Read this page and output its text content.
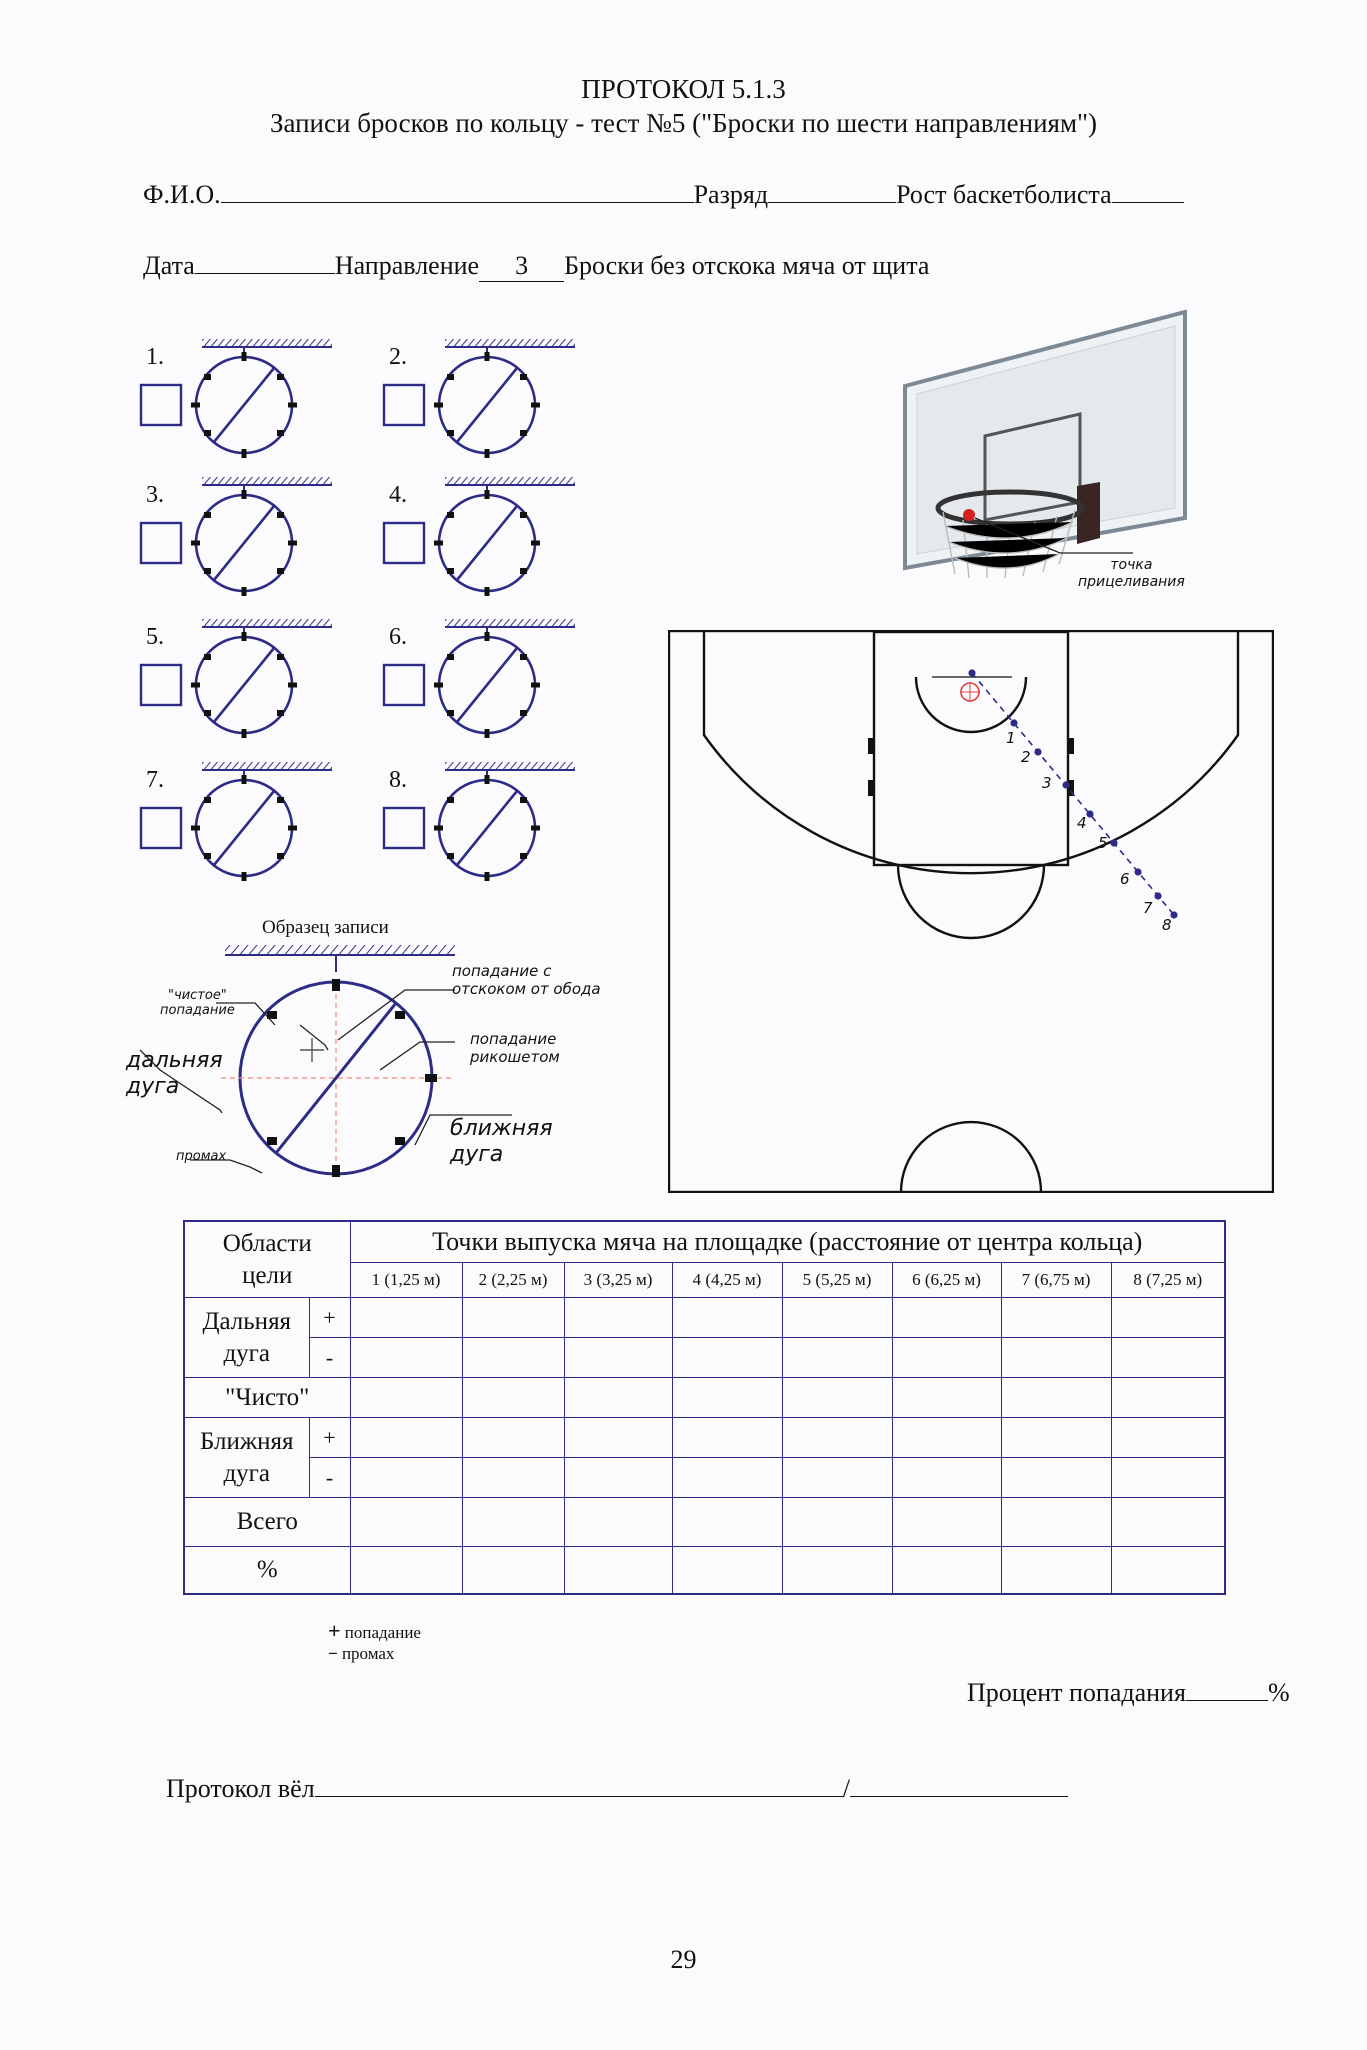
ПРОТОКОЛ 5.1.3
Записи бросков по кольцу - тест №5 ("Броски по шести направлениям")
Ф.И.О.	Разряд	Рост баскетболиста
Дата	Направление 3 Броски без отскока мяча от щита
1.	2.
3.	4.
5.	6.
7.	8.
Образец записи
попадание с
отскоком от обода
"чистое"
попадание
попадание
рикошетом
дальняя
дуга
ближняя
дуга
промах
точка
прицеливания
1
2
3
4
5
6
7
8
Области
цели		Точки выпуска мяча на площадке (расстояние от центра кольца)							
		1 (1,25 м)	2 (2,25 м)	3 (3,25 м)	4 (4,25 м)	5 (5,25 м)	6 (6,25 м)	7 (6,75 м)	8 (7,25 м)

Дальняя
дуга	+								
	-								
"Чисто"									

Ближняя
дуга	+								
	-								
Всего									
%									
+ попадание
− промах
Процент попадания	%
Протокол вёл	/
29
